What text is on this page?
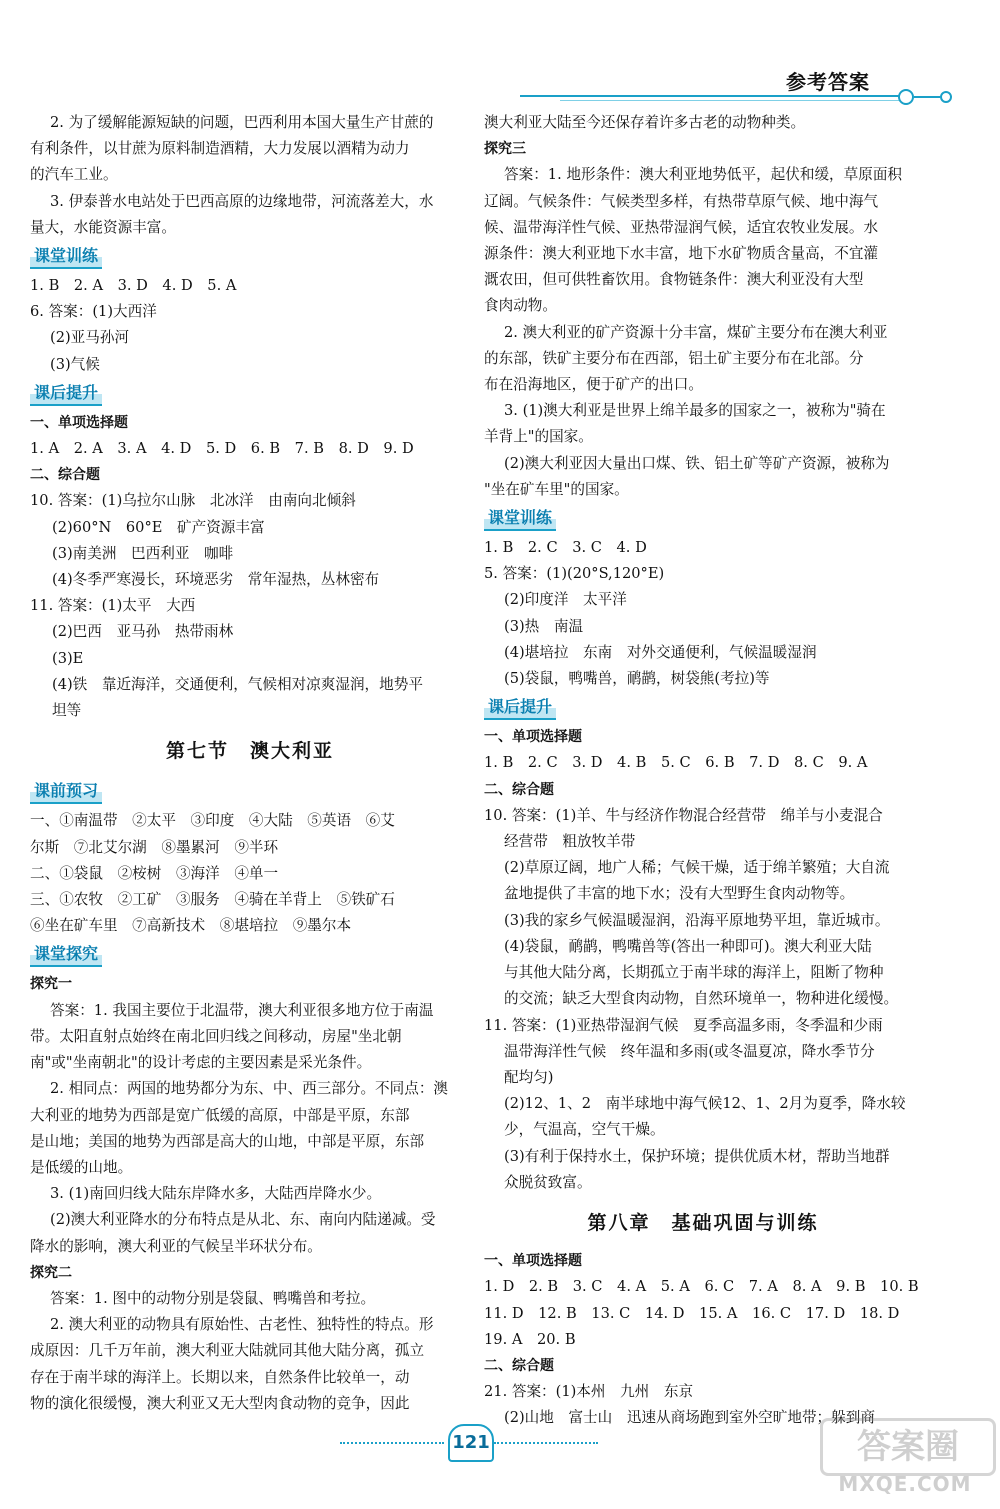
参考答案
2. 为了缓解能源短缺的问题，巴西利用本国大量生产甘蔗的
有利条件，以甘蔗为原料制造酒精，大力发展以酒精为动力
的汽车工业。
3. 伊泰普水电站处于巴西高原的边缘地带，河流落差大，水
量大，水能资源丰富。
课堂训练
1. B　2. A　3. D　4. D　5. A
6. 答案：(1)大西洋
(2)亚马孙河
(3)气候
课后提升
一、单项选择题
1. A　2. A　3. A　4. D　5. D　6. B　7. B　8. D　9. D
二、综合题
10. 答案：(1)乌拉尔山脉　北冰洋　由南向北倾斜
(2)60°N　60°E　矿产资源丰富
(3)南美洲　巴西利亚　咖啡
(4)冬季严寒漫长，环境恶劣　常年湿热，丛林密布
11. 答案：(1)太平　大西
(2)巴西　亚马孙　热带雨林
(3)E
(4)铁　靠近海洋，交通便利，气候相对凉爽湿润，地势平
坦等
第七节　澳大利亚
课前预习
一、①南温带　②太平　③印度　④大陆　⑤英语　⑥艾
尔斯　⑦北艾尔湖　⑧墨累河　⑨半环
二、①袋鼠　②桉树　③海洋　④单一
三、①农牧　②工矿　③服务　④骑在羊背上　⑤铁矿石
⑥坐在矿车里　⑦高新技术　⑧堪培拉　⑨墨尔本
课堂探究
探究一
答案：1. 我国主要位于北温带，澳大利亚很多地方位于南温
带。太阳直射点始终在南北回归线之间移动，房屋"坐北朝
南"或"坐南朝北"的设计考虑的主要因素是采光条件。
2. 相同点：两国的地势都分为东、中、西三部分。不同点：澳
大利亚的地势为西部是宽广低缓的高原，中部是平原，东部
是山地；美国的地势为西部是高大的山地，中部是平原，东部
是低缓的山地。
3. (1)南回归线大陆东岸降水多，大陆西岸降水少。
(2)澳大利亚降水的分布特点是从北、东、南向内陆递减。受
降水的影响，澳大利亚的气候呈半环状分布。
探究二
答案：1. 图中的动物分别是袋鼠、鸭嘴兽和考拉。
2. 澳大利亚的动物具有原始性、古老性、独特性的特点。形
成原因：几千万年前，澳大利亚大陆就同其他大陆分离，孤立
存在于南半球的海洋上。长期以来，自然条件比较单一，动
物的演化很缓慢，澳大利亚又无大型肉食动物的竞争，因此
澳大利亚大陆至今还保存着许多古老的动物种类。
探究三
答案：1. 地形条件：澳大利亚地势低平，起伏和缓，草原面积
辽阔。气候条件：气候类型多样，有热带草原气候、地中海气
候、温带海洋性气候、亚热带湿润气候，适宜农牧业发展。水
源条件：澳大利亚地下水丰富，地下水矿物质含量高，不宜灌
溉农田，但可供牲畜饮用。食物链条件：澳大利亚没有大型
食肉动物。
2. 澳大利亚的矿产资源十分丰富，煤矿主要分布在澳大利亚
的东部，铁矿主要分布在西部，铝土矿主要分布在北部。分
布在沿海地区，便于矿产的出口。
3. (1)澳大利亚是世界上绵羊最多的国家之一，被称为"骑在
羊背上"的国家。
(2)澳大利亚因大量出口煤、铁、铝土矿等矿产资源，被称为
"坐在矿车里"的国家。
课堂训练
1. B　2. C　3. C　4. D
5. 答案：(1)(20°S,120°E)
(2)印度洋　太平洋
(3)热　南温
(4)堪培拉　东南　对外交通便利，气候温暖湿润
(5)袋鼠，鸭嘴兽，鸸鹋，树袋熊(考拉)等
课后提升
一、单项选择题
1. B　2. C　3. D　4. B　5. C　6. B　7. D　8. C　9. A
二、综合题
10. 答案：(1)羊、牛与经济作物混合经营带　绵羊与小麦混合
经营带　粗放牧羊带
(2)草原辽阔，地广人稀；气候干燥，适于绵羊繁殖；大自流
盆地提供了丰富的地下水；没有大型野生食肉动物等。
(3)我的家乡气候温暖湿润，沿海平原地势平坦，靠近城市。
(4)袋鼠，鸸鹋，鸭嘴兽等(答出一种即可)。澳大利亚大陆
与其他大陆分离，长期孤立于南半球的海洋上，阻断了物种
的交流；缺乏大型食肉动物，自然环境单一，物种进化缓慢。
11. 答案：(1)亚热带湿润气候　夏季高温多雨，冬季温和少雨
温带海洋性气候　终年温和多雨(或冬温夏凉，降水季节分
配均匀)
(2)12、1、2　南半球地中海气候12、1、2月为夏季，降水较
少，气温高，空气干燥。
(3)有利于保持水土，保护环境；提供优质木材，帮助当地群
众脱贫致富。
第八章　基础巩固与训练
一、单项选择题
1. D　2. B　3. C　4. A　5. A　6. C　7. A　8. A　9. B　10. B
11. D　12. B　13. C　14. D　15. A　16. C　17. D　18. D
19. A　20. B
二、综合题
21. 答案：(1)本州　九州　东京
(2)山地　富士山　迅速从商场跑到室外空旷地带；躲到商
121	答案圈
MXQE.COM
